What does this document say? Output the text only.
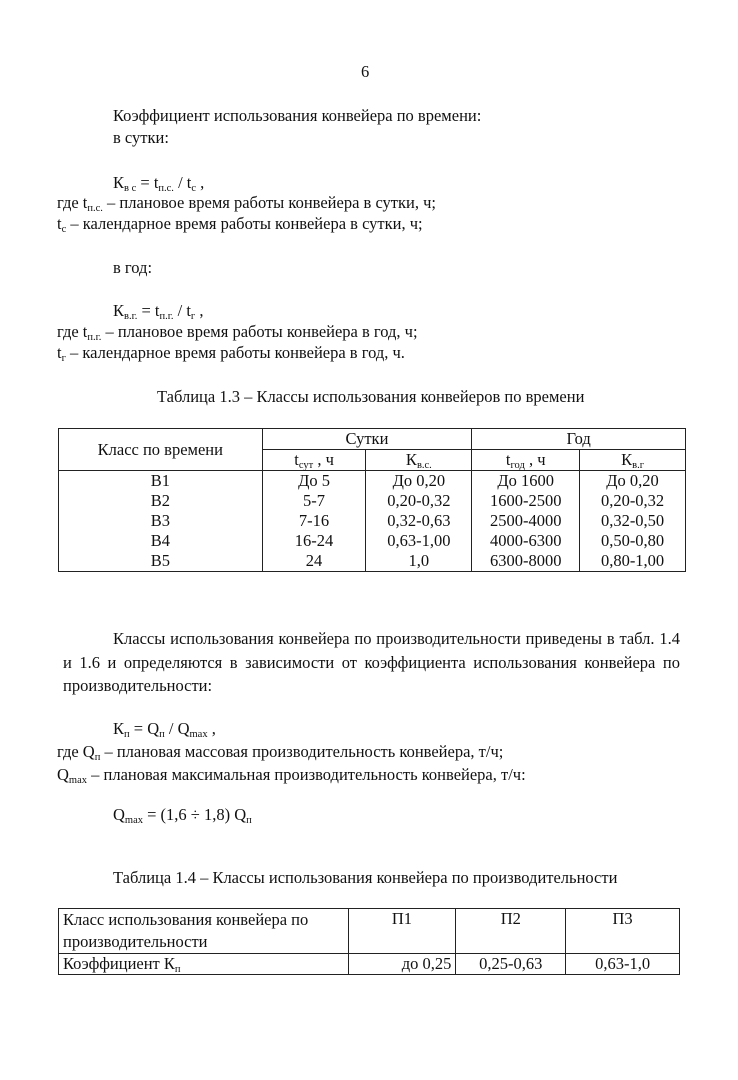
6
Коэффициент использования конвейера по времени:
в сутки:
$К_{в с} = t_{п.с.} / t_с$ ,
где $t_{п.с.}$ – плановое время работы конвейера в сутки, ч;
$t_с$ – календарное время работы конвейера в сутки, ч;
в год:
$К_{в.г.} = t_{п.г.} / t_г$ ,
где $t_{п.г.}$ – плановое время работы конвейера в год, ч;
$t_г$ – календарное время работы конвейера в год, ч.
Таблица 1.3 – Классы использования конвейеров по времени
Класс по времени	Сутки		Год	
	$t_{сут}$ , ч	$К_{в.с.}$	$t_{год}$ , ч	$К_{в.г}$
В1	До 5	До 0,20	До 1600	До 0,20
В2	5-7	0,20-0,32	1600-2500	0,20-0,32
В3	7-16	0,32-0,63	2500-4000	0,32-0,50
В4	16-24	0,63-1,00	4000-6300	0,50-0,80
В5	24	1,0	6300-8000	0,80-1,00
Классы использования конвейера по производительности приведены в табл. 1.4 и 1.6 и определяются в зависимости от коэффициента использования конвейера по производительности:
$К_п = Q_п / Q_{max}$ ,
где $Q_п$ – плановая массовая производительность конвейера, т/ч;
$Q_{max}$ – плановая максимальная производительность конвейера, т/ч:
$Q_{max} = (1,6 \div 1,8)$ $Q_п$
Таблица 1.4 – Классы использования конвейера по производительности
Класс использования конвейера по производительности	П1	П2	П3
Коэффициент $К_п$	до 0,25	0,25-0,63	0,63-1,0
